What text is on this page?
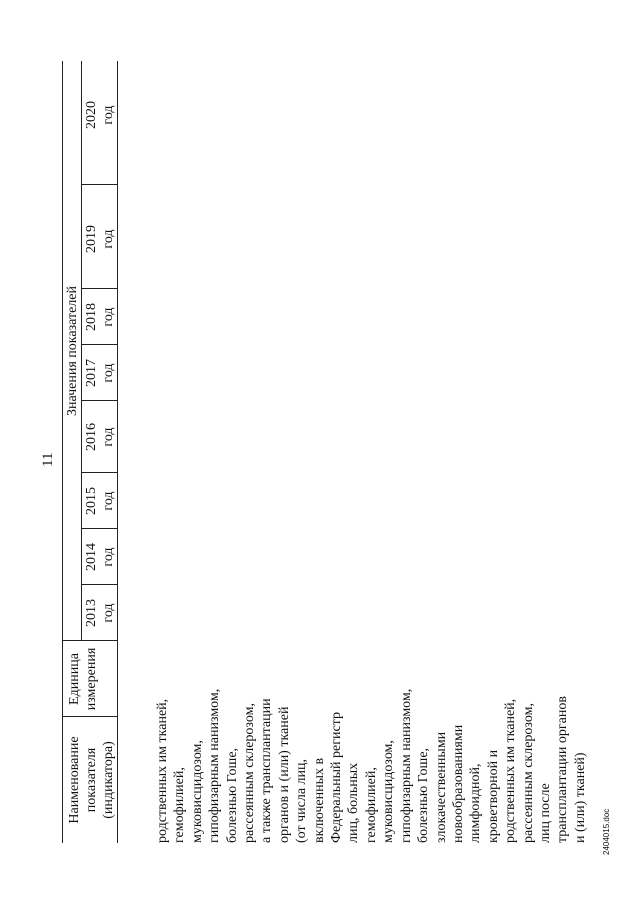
11
Наименование показателя (индикатора)
Единица измерения
Значения показателей
2013 год
2014 год
2015 год
2016 год
2017 год
2018 год
2019 год
2020 год
родственных им тканей, гемофилией, муковисцидозом, гипофизарным нанизмом, болезнью Гоше, рассеянным склерозом, а также трансплантации органов и (или) тканей (от числа лиц, включенных в Федеральный регистр лиц, больных гемофилией, муковисцидозом, гипофизарным нанизмом, болезнью Гоше, злокачественными новообразованиями лимфоидной, кроветворной и родственных им тканей, рассеянным склерозом, лиц после трансплантации органов и (или) тканей) 2404015.doc
